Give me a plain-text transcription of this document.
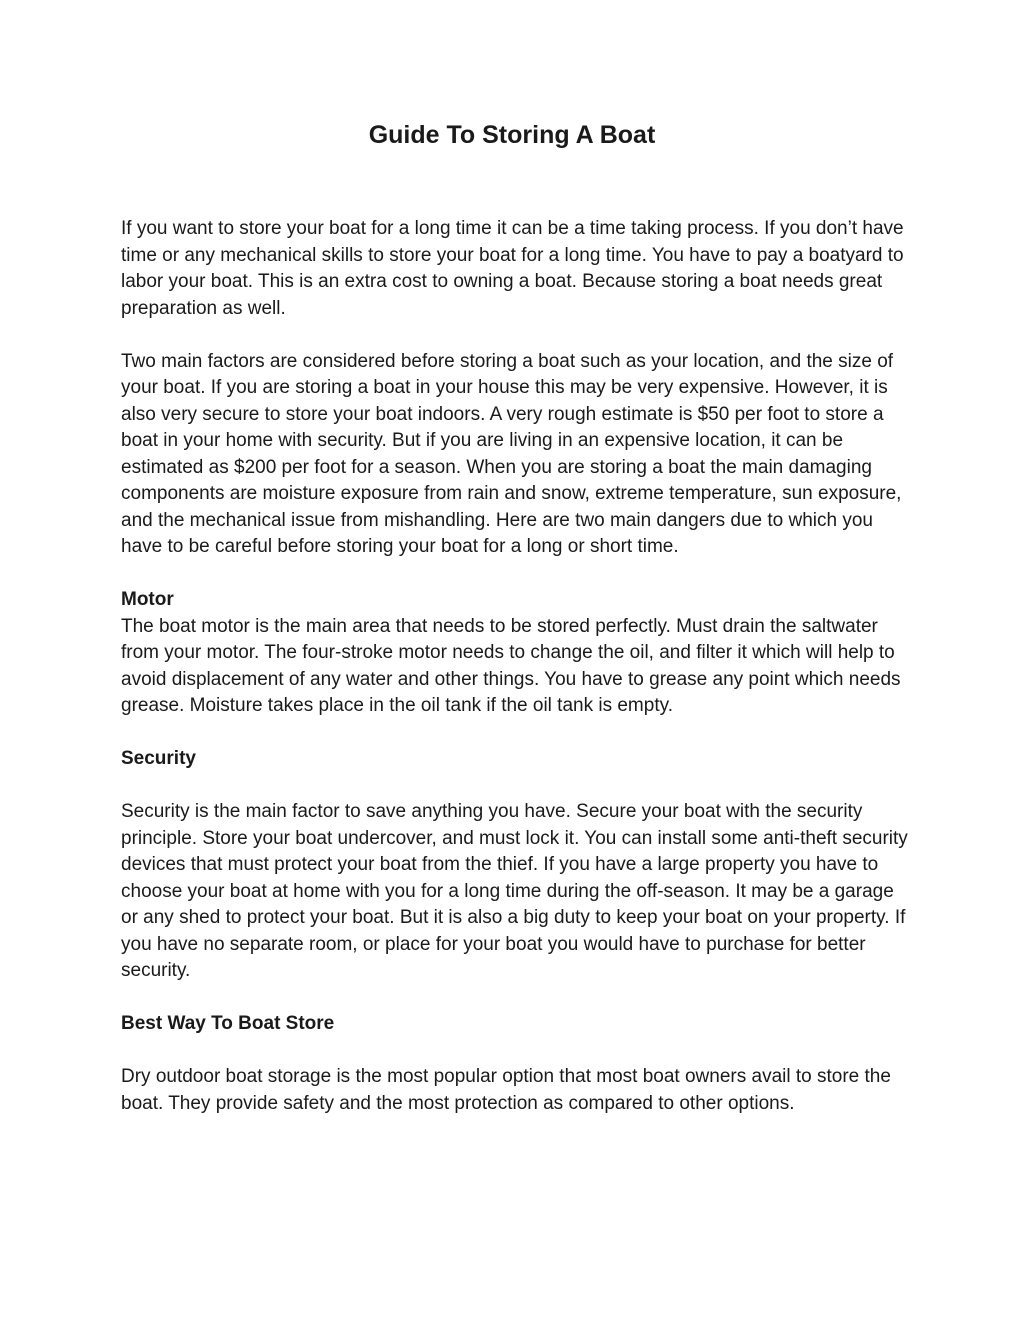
Guide To Storing A Boat

If you want to store your boat for a long time it can be a time taking process. If you don’t have time or any mechanical skills to store your boat for a long time. You have to pay a boatyard to labor your boat. This is an extra cost to owning a boat. Because storing a boat needs great preparation as well.

Two main factors are considered before storing a boat such as your location, and the size of your boat. If you are storing a boat in your house this may be very expensive. However, it is also very secure to store your boat indoors. A very rough estimate is $50 per foot to store a boat in your home with security. But if you are living in an expensive location, it can be estimated as $200 per foot for a season. When you are storing a boat the main damaging components are moisture exposure from rain and snow, extreme temperature, sun exposure, and the mechanical issue from mishandling. Here are two main dangers due to which you have to be careful before storing your boat for a long or short time.

Motor

The boat motor is the main area that needs to be stored perfectly. Must drain the saltwater from your motor. The four-stroke motor needs to change the oil, and filter it which will help to avoid displacement of any water and other things. You have to grease any point which needs grease. Moisture takes place in the oil tank if the oil tank is empty.

Security

Security is the main factor to save anything you have. Secure your boat with the security principle. Store your boat undercover, and must lock it. You can install some anti-theft security devices that must protect your boat from the thief. If you have a large property you have to choose your boat at home with you for a long time during the off-season. It may be a garage or any shed to protect your boat. But it is also a big duty to keep your boat on your property. If you have no separate room, or place for your boat you would have to purchase for better security.

Best Way To Boat Store

Dry outdoor boat storage is the most popular option that most boat owners avail to store the boat. They provide safety and the most protection as compared to other options.
